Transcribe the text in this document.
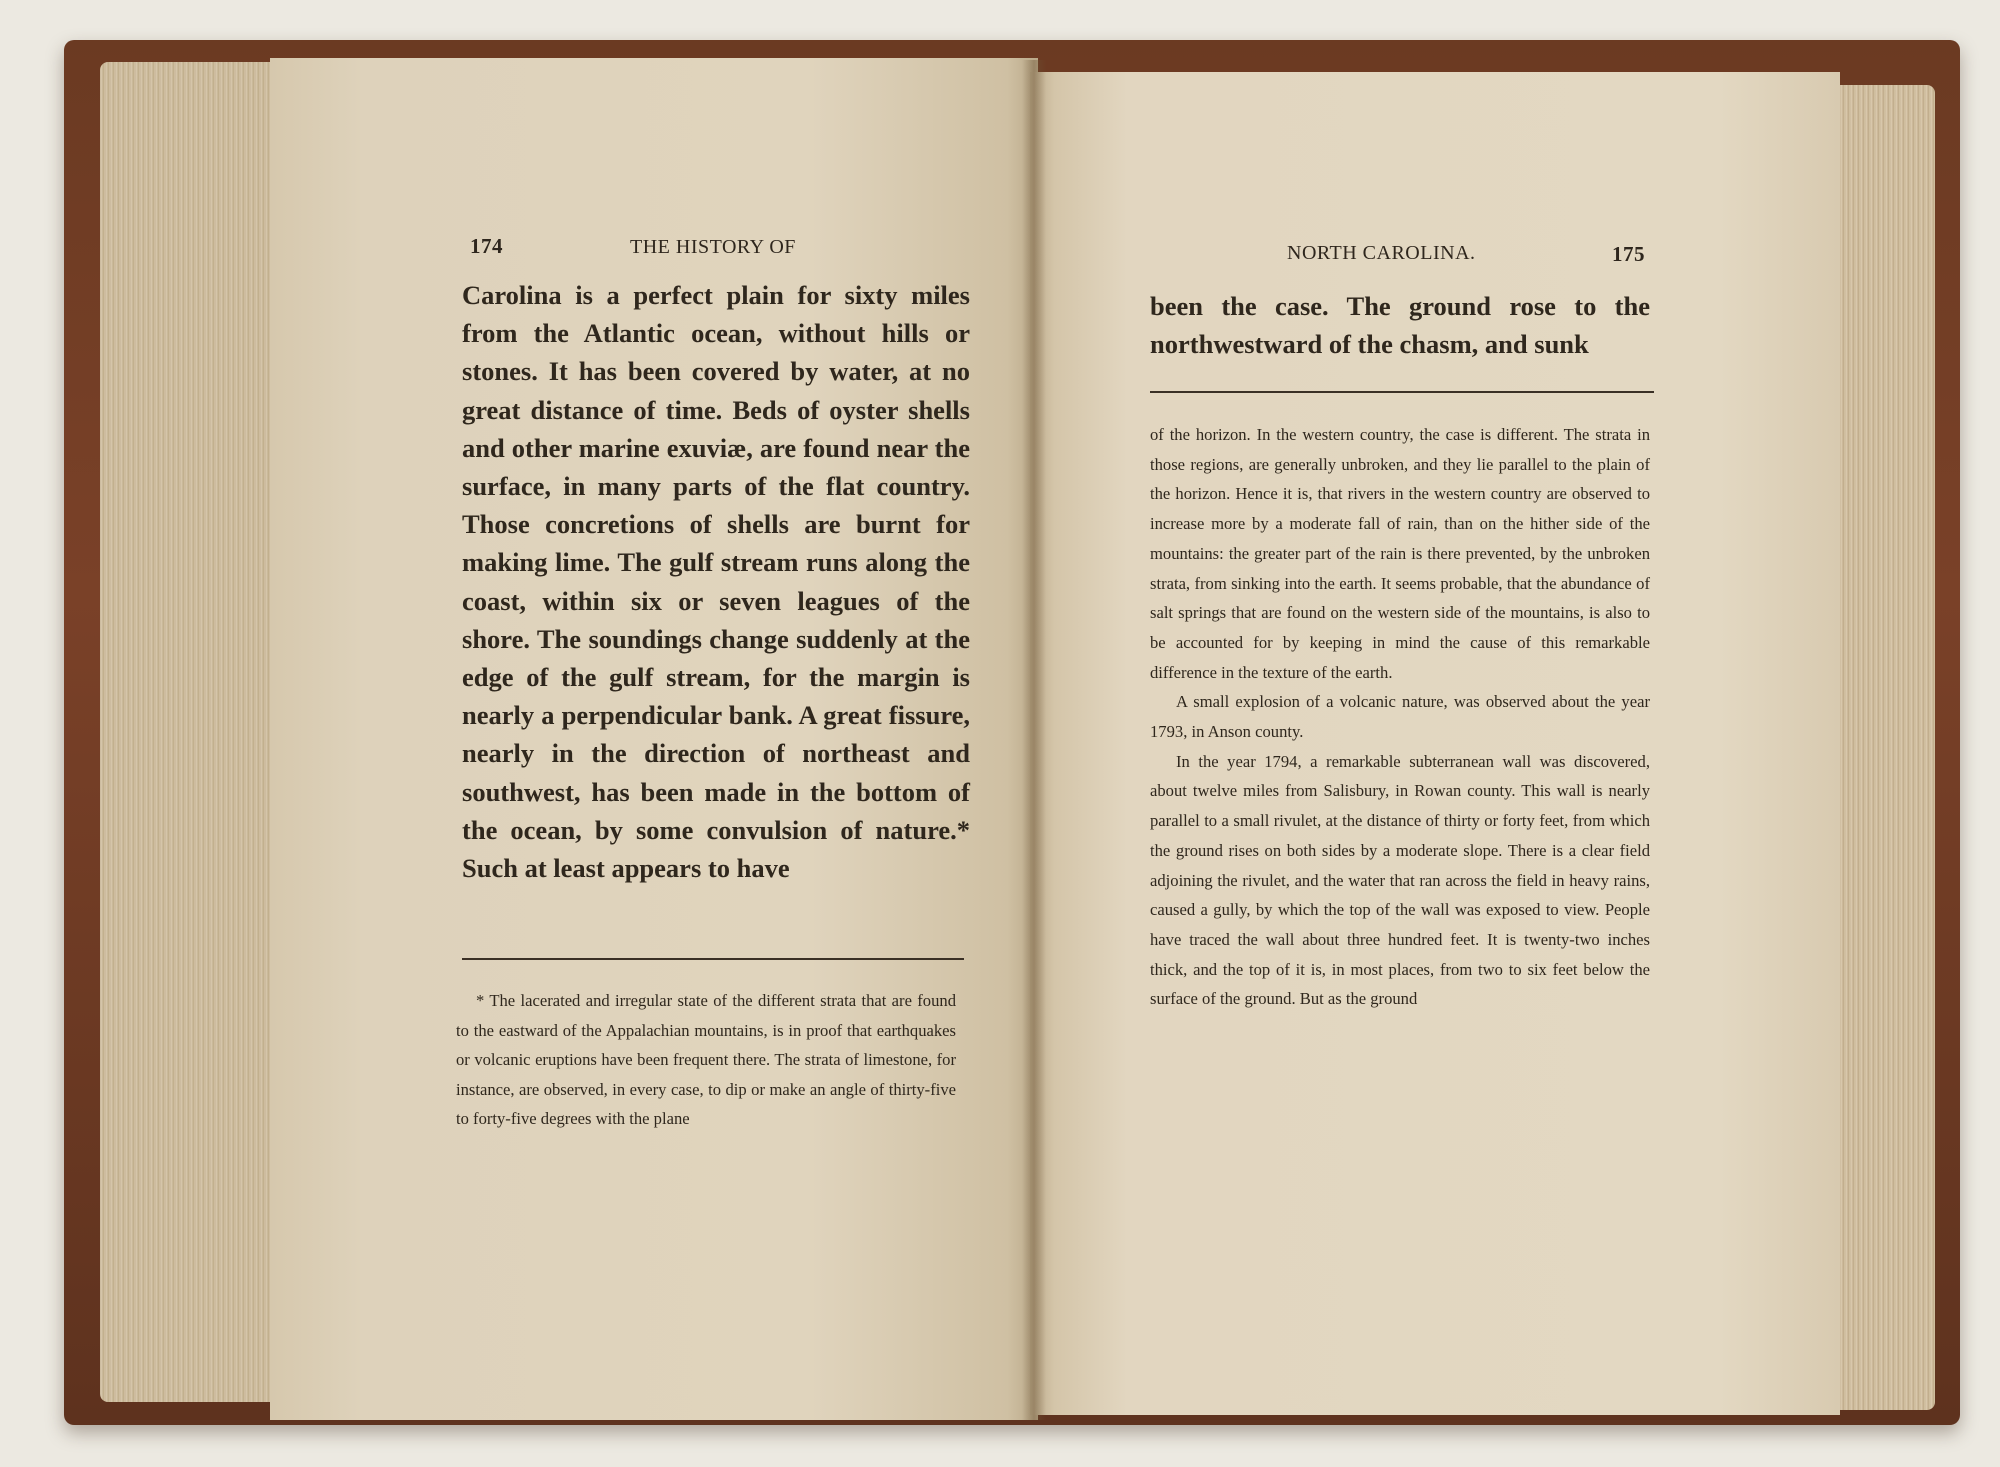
174	THE HISTORY OF

Carolina is a perfect plain for sixty miles from the Atlantic ocean, without hills or stones. It has been covered by water, at no great distance of time. Beds of oyster shells and other marine exuviæ, are found near the surface, in many parts of the flat country. Those concretions of shells are burnt for making lime. The gulf stream runs along the coast, within six or seven leagues of the shore. The soundings change suddenly at the edge of the gulf stream, for the margin is nearly a perpendicular bank. A great fissure, nearly in the direction of northeast and southwest, has been made in the bottom of the ocean, by some convulsion of nature.* Such at least appears to have

* The lacerated and irregular state of the different strata that are found to the eastward of the Appalachian mountains, is in proof that earthquakes or volcanic eruptions have been frequent there. The strata of limestone, for instance, are observed, in every case, to dip or make an angle of thirty-five to forty-five degrees with the plane

NORTH CAROLINA.	175

been the case. The ground rose to the northwestward of the chasm, and sunk

of the horizon. In the western country, the case is different. The strata in those regions, are generally unbroken, and they lie parallel to the plain of the horizon. Hence it is, that rivers in the western country are observed to increase more by a moderate fall of rain, than on the hither side of the mountains: the greater part of the rain is there prevented, by the unbroken strata, from sinking into the earth. It seems probable, that the abundance of salt springs that are found on the western side of the mountains, is also to be accounted for by keeping in mind the cause of this remarkable difference in the texture of the earth.

A small explosion of a volcanic nature, was observed about the year 1793, in Anson county.

In the year 1794, a remarkable subterranean wall was discovered, about twelve miles from Salisbury, in Rowan county. This wall is nearly parallel to a small rivulet, at the distance of thirty or forty feet, from which the ground rises on both sides by a moderate slope. There is a clear field adjoining the rivulet, and the water that ran across the field in heavy rains, caused a gully, by which the top of the wall was exposed to view. People have traced the wall about three hundred feet. It is twenty-two inches thick, and the top of it is, in most places, from two to six feet below the surface of the ground. But as the ground
